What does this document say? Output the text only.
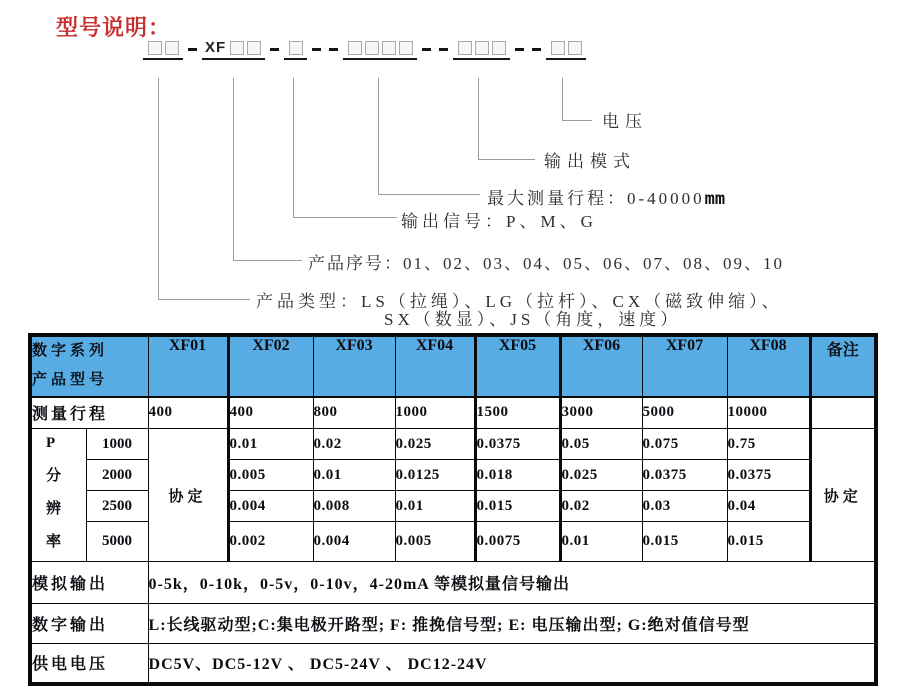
型号说明：
XF
电压
输出模式
最大测量行程：0-40000mm
输出信号：P、M、G
产品序号：01、02、03、04、05、06、07、08、09、10
产品类型：LS（拉绳）、LG（拉杆）、CX（磁致伸缩）、
SX（数显）、JS（角度，速度）
数字系列
产品型号		XF01	XF02	XF03	XF04	XF05	XF06	XF07	XF08	备注
测量行程		400	400	800	1000	1500	3000	5000	10000	

P
分
辨
率	1000	协定	0.01	0.02	0.025	0.0375	0.05	0.075	0.75	协定
	2000		0.005	0.01	0.0125	0.018	0.025	0.0375	0.0375	
	2500		0.004	0.008	0.01	0.015	0.02	0.03	0.04	
	5000		0.002	0.004	0.005	0.0075	0.01	0.015	0.015	
模拟输出		0-5k，0-10k，0-5v，0-10v，4-20mA 等模拟量信号输出								
数字输出		L:长线驱动型;C:集电极开路型; F: 推挽信号型; E: 电压输出型; G:绝对值信号型								
供电电压		DC5V、DC5-12V 、 DC5-24V 、 DC12-24V								
